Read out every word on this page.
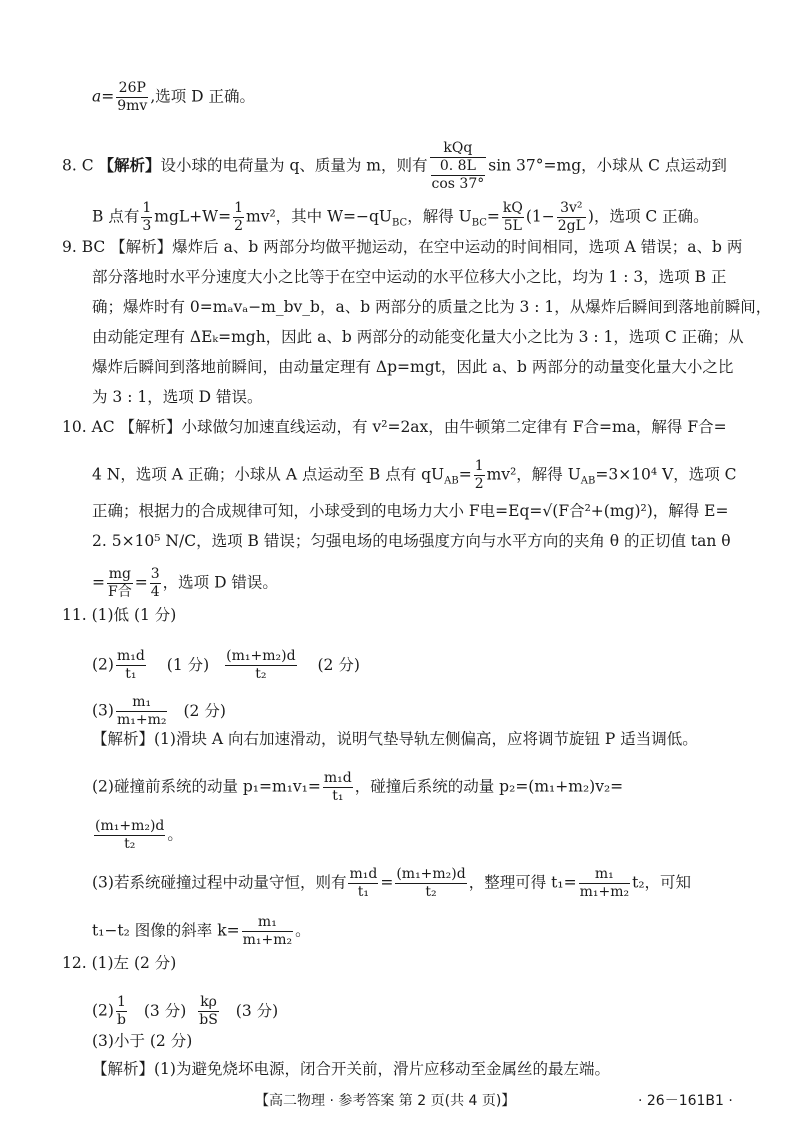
$a= \frac{26P}{9mv}$ ,选项 D 正确。
8. C 【解析】设小球的电荷量为 q、质量为 m，则有
kQq
$\frac{0. 8L}{\cos 37^\circ}$ sin 37°=mg，小球从 C 点运动到
B 点有 $\frac{1}{3} mgL+W= \frac{1}{2} mv^2$，其中 $W=-qU_{BC}$，解得 $U_{BC}= \frac{kQ}{5L} (1- \frac{\text{3v²}}{2gL}$ )，选项 C 正确。
9. BC 【解析】爆炸后 a、b 两部分均做平抛运动，在空中运动的时间相同，选项 A 错误；a、b 两
部分落地时水平分速度大小之比等于在空中运动的水平位移大小之比，均为 1 : 3，选项 B 正
确；爆炸时有 0=mₐvₐ−m_bv_b，a、b 两部分的质量之比为 3 : 1，从爆炸后瞬间到落地前瞬间，
由动能定理有 ΔEₖ=mgh，因此 a、b 两部分的动能变化量大小之比为 3 : 1，选项 C 正确；从
爆炸后瞬间到落地前瞬间，由动量定理有 Δp=mgt，因此 a、b 两部分的动量变化量大小之比
为 3 : 1，选项 D 错误。
10. AC 【解析】小球做匀加速直线运动，有 v²=2ax，由牛顿第二定律有 F合=ma，解得 F合=
4 N，选项 A 正确；小球从 A 点运动至 B 点有 $qU_{AB}= \frac{1}{2} mv^2$，解得 $U_{AB}=3\times 10^4$ V，选项 C
正确；根据力的合成规律可知，小球受到的电场力大小 F电=Eq=√(F合²+(mg)²)，解得 E=
2. 5×10⁵ N/C，选项 B 错误；匀强电场的电场强度方向与水平方向的夹角 θ 的正切值 tan θ
= mg
F合
= $\frac{3}{4}$ ，选项 D 错误。
11. (1)低 (1 分)
$(2) \frac{\text{m₁d}}{\text{t₁}} (1$ 分) $\frac{\text{(m₁+m₂)d}}{\text{t₂}} (2$ 分)
$(3) \frac{\text{m₁}}{\text{m₁+m₂}} (2$ 分)
【解析】(1)滑块 A 向右加速滑动，说明气垫导轨左侧偏高，应将调节旋钮 P 适当调低。
(2)碰撞前系统的动量 $p_1=m_1v_1= \frac{\text{m₁d}}{\text{t₁}}$ ，碰撞后系统的动量 p₂=(m₁+m₂)v₂=
$\frac{\text{(m₁+m₂)d}}{\text{t₂}}$ 。
(3)若系统碰撞过程中动量守恒，则有 $\frac{\text{m₁d}}{\text{t₁}} = \frac{\text{(m₁+m₂)d}}{\text{t₂}}$ ，整理可得 $t_1= \frac{\text{m₁}}{\text{m₁+m₂}} t_2$，可知
t₁−t₂ 图像的斜率 $k= \frac{\text{m₁}}{\text{m₁+m₂}}$ 。
12. (1)左 (2 分)
$(2) \frac{1}{b} (3$ 分) $\frac{k\rho}{bS} (3$ 分)
(3)小于 (2 分)
【解析】(1)为避免烧坏电源，闭合开关前，滑片应移动至金属丝的最左端。
【高二物理 · 参考答案 第 2 页(共 4 页)】	· 26－161B1 ·
